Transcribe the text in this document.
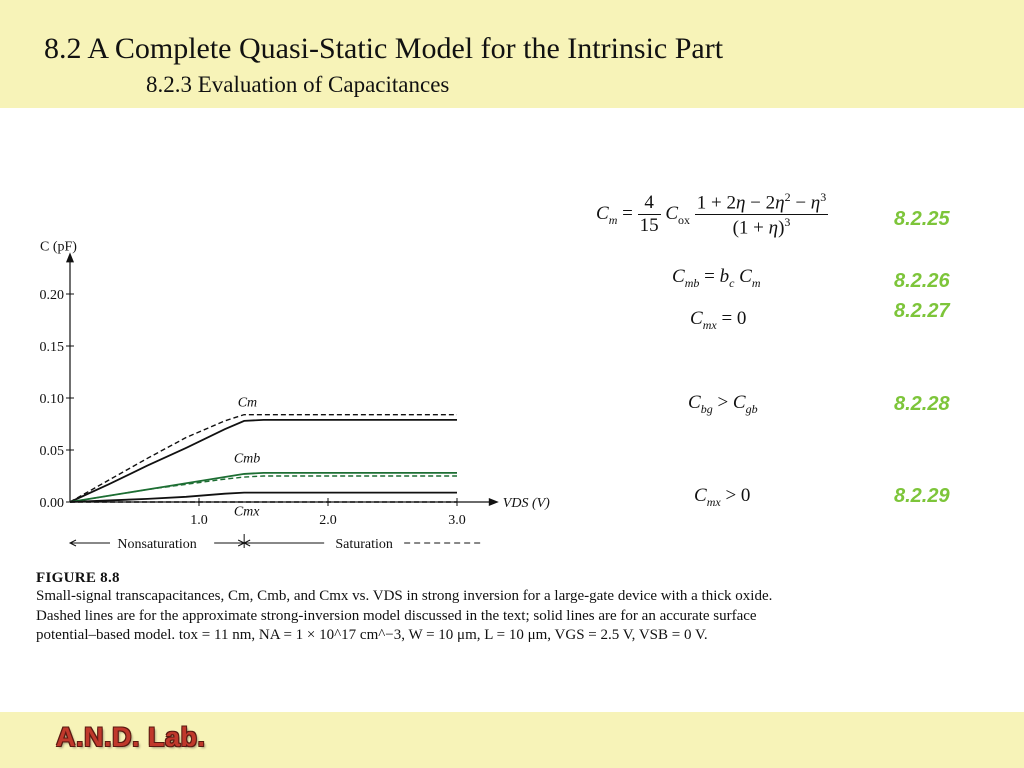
8.2 A Complete Quasi-Static Model for the Intrinsic Part
8.2.3 Evaluation of Capacitances
0.00
0.05
0.10
0.15
0.20
1.0	2.0	3.0
C (pF)
VDS (V)
Cm
Cmb
Cmx
Nonsaturation	Saturation
$C_m = \frac{4}{15} C_{ox} \frac{1 + 2\eta - 2\eta^2 - \eta^3}{(1 + \eta)^3}$
$C_{mb} = b_c$ $C_m$
$C_{mx} = 0$
$C_{bg} > C_{gb}$
$C_{mx} > 0$
8.2.25
8.2.26
8.2.27
8.2.28
8.2.29
FIGURE 8.8
Small-signal transcapacitances, Cm, Cmb, and Cmx vs. VDS in strong inversion for a large-gate device with a thick oxide. Dashed lines are for the approximate strong-inversion model discussed in the text; solid lines are for an accurate surface potential–based model. tox = 11 nm, NA = 1 × 10^17 cm^−3, W = 10 μm, L = 10 μm, VGS = 2.5 V, VSB = 0 V.
A.N.D. Lab.
